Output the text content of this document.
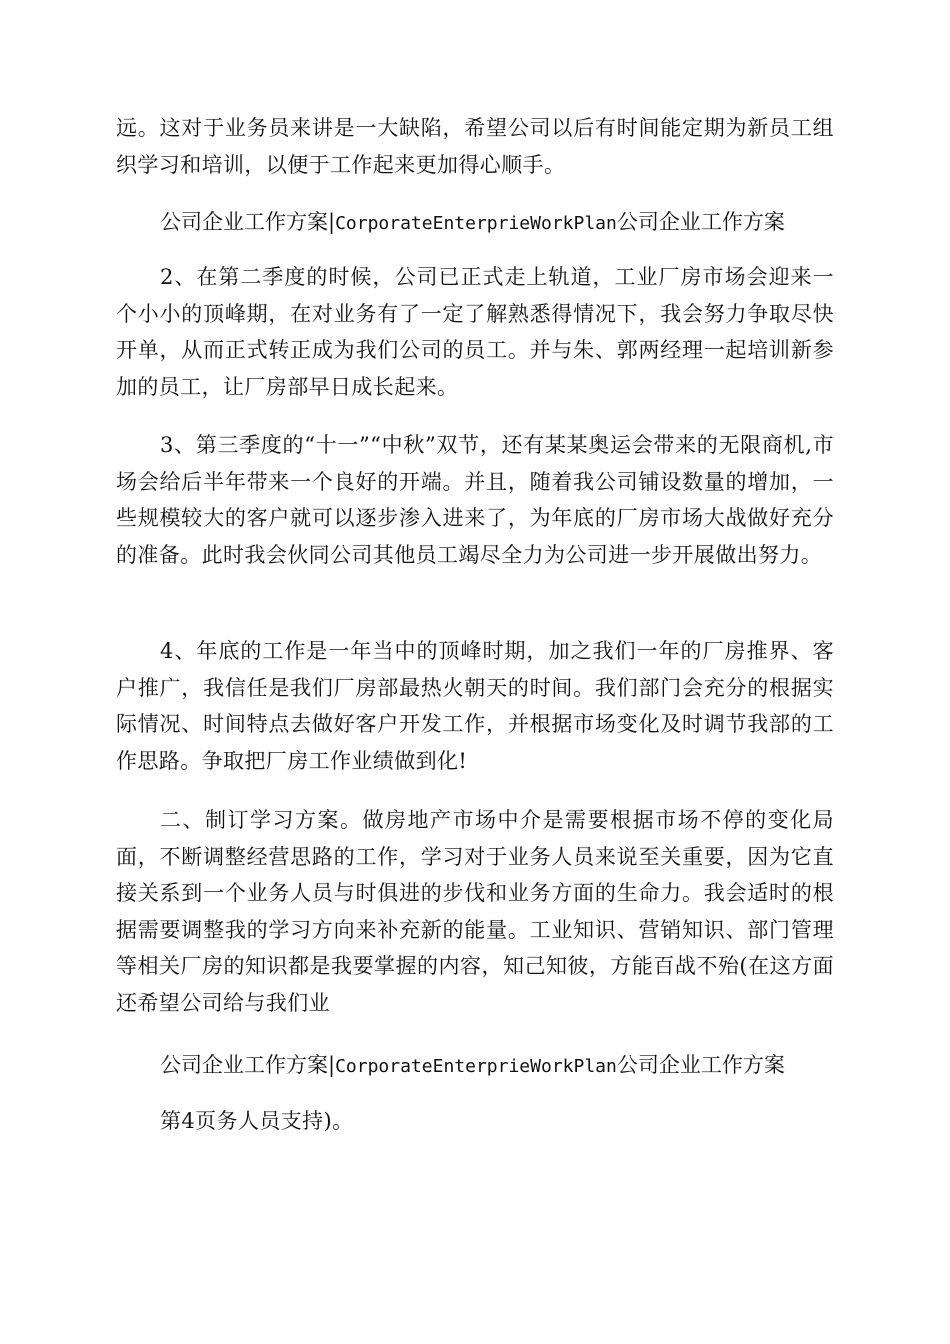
远。这对于业务员来讲是一大缺陷，希望公司以后有时间能定期为新员工组织学习和培训，以便于工作起来更加得心顺手。

公司企业工作方案|CorporateEnterprieWorkPlan公司企业工作方案

2、在第二季度的时候，公司已正式走上轨道，工业厂房市场会迎来一个小小的顶峰期，在对业务有了一定了解熟悉得情况下，我会努力争取尽快开单，从而正式转正成为我们公司的员工。并与朱、郭两经理一起培训新参加的员工，让厂房部早日成长起来。

3、第三季度的“十一”“中秋”双节，还有某某奥运会带来的无限商机,市场会给后半年带来一个良好的开端。并且，随着我公司铺设数量的增加，一些规模较大的客户就可以逐步渗入进来了，为年底的厂房市场大战做好充分的准备。此时我会伙同公司其他员工竭尽全力为公司进一步开展做出努力。

4、年底的工作是一年当中的顶峰时期，加之我们一年的厂房推界、客户推广，我信任是我们厂房部最热火朝天的时间。我们部门会充分的根据实际情况、时间特点去做好客户开发工作，并根据市场变化及时调节我部的工作思路。争取把厂房工作业绩做到化!

二、制订学习方案。做房地产市场中介是需要根据市场不停的变化局面，不断调整经营思路的工作，学习对于业务人员来说至关重要，因为它直接关系到一个业务人员与时俱进的步伐和业务方面的生命力。我会适时的根据需要调整我的学习方向来补充新的能量。工业知识、营销知识、部门管理等相关厂房的知识都是我要掌握的内容，知己知彼，方能百战不殆(在这方面还希望公司给与我们业

公司企业工作方案|CorporateEnterprieWorkPlan公司企业工作方案

第4页务人员支持)。
